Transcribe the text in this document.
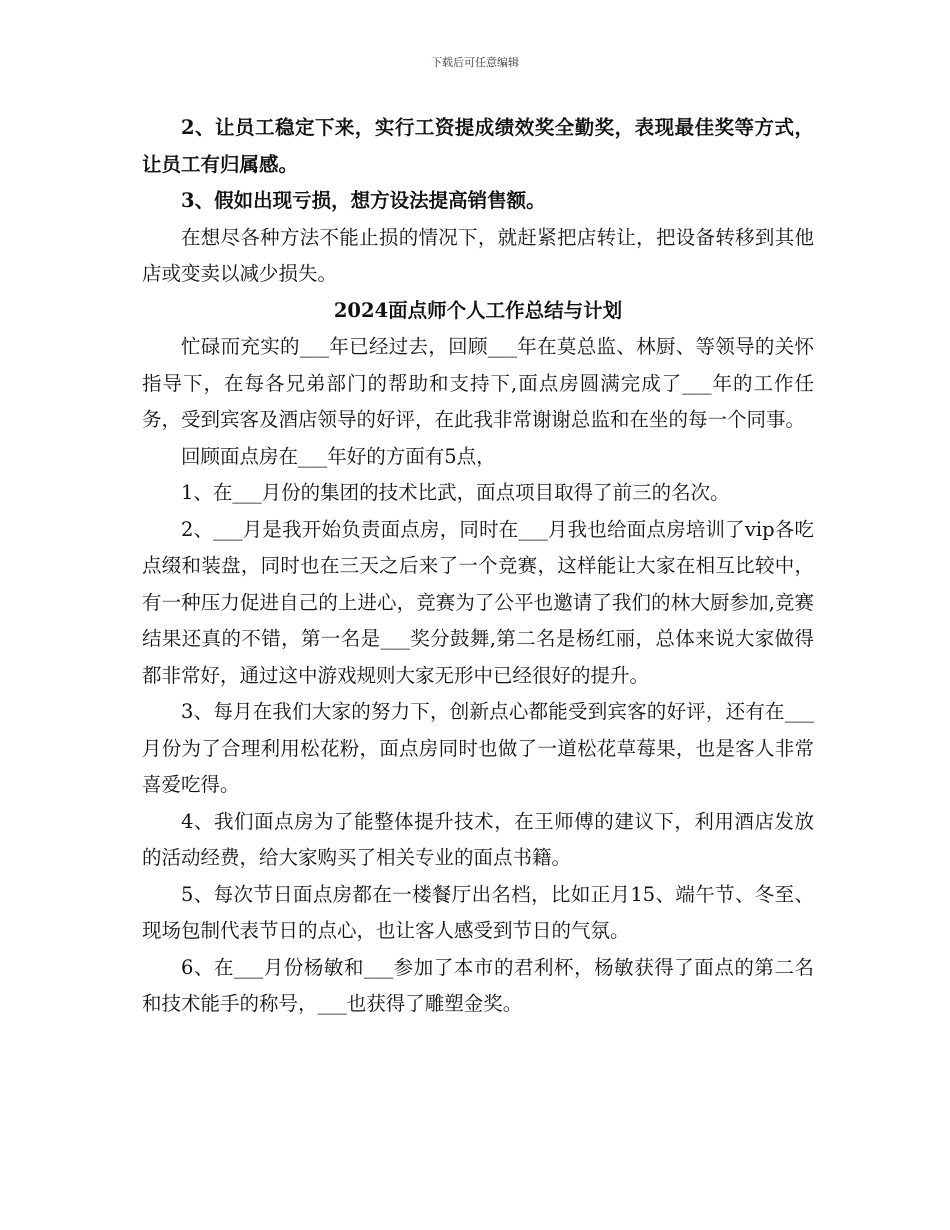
下载后可任意编辑

2、让员工稳定下来，实行工资提成绩效奖全勤奖，表现最佳奖等方式，让员工有归属感。

3、假如出现亏损，想方设法提高销售额。

在想尽各种方法不能止损的情况下，就赶紧把店转让，把设备转移到其他店或变卖以减少损失。

2024面点师个人工作总结与计划

忙碌而充实的___年已经过去，回顾___年在莫总监、林厨、等领导的关怀指导下，在每各兄弟部门的帮助和支持下,面点房圆满完成了___年的工作任务，受到宾客及酒店领导的好评，在此我非常谢谢总监和在坐的每一个同事。

回顾面点房在___年好的方面有5点，

1、在___月份的集团的技术比武，面点项目取得了前三的名次。

2、___月是我开始负责面点房，同时在___月我也给面点房培训了vip各吃点缀和装盘，同时也在三天之后来了一个竞赛，这样能让大家在相互比较中，有一种压力促进自己的上进心，竞赛为了公平也邀请了我们的林大厨参加,竞赛结果还真的不错，第一名是___奖分鼓舞,第二名是杨红丽，总体来说大家做得都非常好，通过这中游戏规则大家无形中已经很好的提升。

3、每月在我们大家的努力下，创新点心都能受到宾客的好评，还有在___月份为了合理利用松花粉，面点房同时也做了一道松花草莓果，也是客人非常喜爱吃得。

4、我们面点房为了能整体提升技术，在王师傅的建议下，利用酒店发放的活动经费，给大家购买了相关专业的面点书籍。

5、每次节日面点房都在一楼餐厅出名档，比如正月15、端午节、冬至、现场包制代表节日的点心，也让客人感受到节日的气氛。

6、在___月份杨敏和___参加了本市的君利杯，杨敏获得了面点的第二名和技术能手的称号，___也获得了雕塑金奖。
